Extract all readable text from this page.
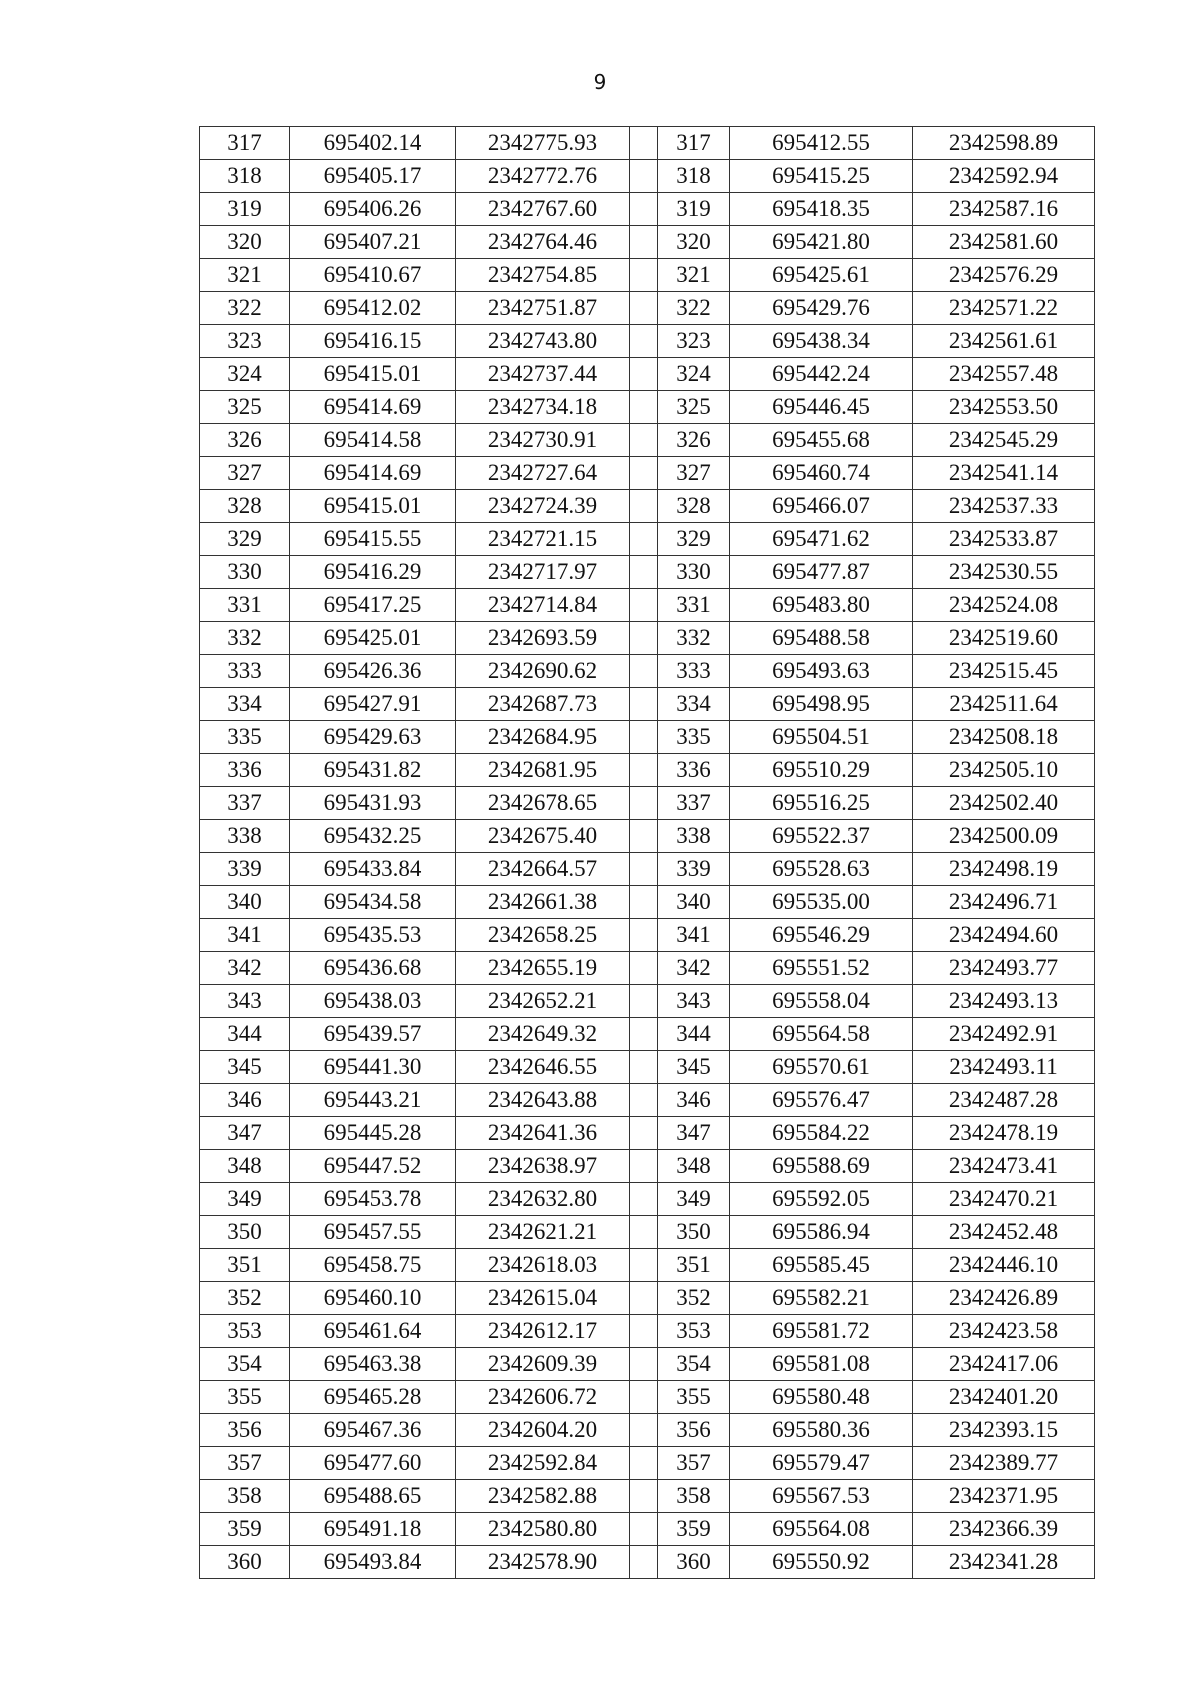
9
317	695402.14	2342775.93		317	695412.55	2342598.89
318	695405.17	2342772.76		318	695415.25	2342592.94
319	695406.26	2342767.60		319	695418.35	2342587.16
320	695407.21	2342764.46		320	695421.80	2342581.60
321	695410.67	2342754.85		321	695425.61	2342576.29
322	695412.02	2342751.87		322	695429.76	2342571.22
323	695416.15	2342743.80		323	695438.34	2342561.61
324	695415.01	2342737.44		324	695442.24	2342557.48
325	695414.69	2342734.18		325	695446.45	2342553.50
326	695414.58	2342730.91		326	695455.68	2342545.29
327	695414.69	2342727.64		327	695460.74	2342541.14
328	695415.01	2342724.39		328	695466.07	2342537.33
329	695415.55	2342721.15		329	695471.62	2342533.87
330	695416.29	2342717.97		330	695477.87	2342530.55
331	695417.25	2342714.84		331	695483.80	2342524.08
332	695425.01	2342693.59		332	695488.58	2342519.60
333	695426.36	2342690.62		333	695493.63	2342515.45
334	695427.91	2342687.73		334	695498.95	2342511.64
335	695429.63	2342684.95		335	695504.51	2342508.18
336	695431.82	2342681.95		336	695510.29	2342505.10
337	695431.93	2342678.65		337	695516.25	2342502.40
338	695432.25	2342675.40		338	695522.37	2342500.09
339	695433.84	2342664.57		339	695528.63	2342498.19
340	695434.58	2342661.38		340	695535.00	2342496.71
341	695435.53	2342658.25		341	695546.29	2342494.60
342	695436.68	2342655.19		342	695551.52	2342493.77
343	695438.03	2342652.21		343	695558.04	2342493.13
344	695439.57	2342649.32		344	695564.58	2342492.91
345	695441.30	2342646.55		345	695570.61	2342493.11
346	695443.21	2342643.88		346	695576.47	2342487.28
347	695445.28	2342641.36		347	695584.22	2342478.19
348	695447.52	2342638.97		348	695588.69	2342473.41
349	695453.78	2342632.80		349	695592.05	2342470.21
350	695457.55	2342621.21		350	695586.94	2342452.48
351	695458.75	2342618.03		351	695585.45	2342446.10
352	695460.10	2342615.04		352	695582.21	2342426.89
353	695461.64	2342612.17		353	695581.72	2342423.58
354	695463.38	2342609.39		354	695581.08	2342417.06
355	695465.28	2342606.72		355	695580.48	2342401.20
356	695467.36	2342604.20		356	695580.36	2342393.15
357	695477.60	2342592.84		357	695579.47	2342389.77
358	695488.65	2342582.88		358	695567.53	2342371.95
359	695491.18	2342580.80		359	695564.08	2342366.39
360	695493.84	2342578.90		360	695550.92	2342341.28
